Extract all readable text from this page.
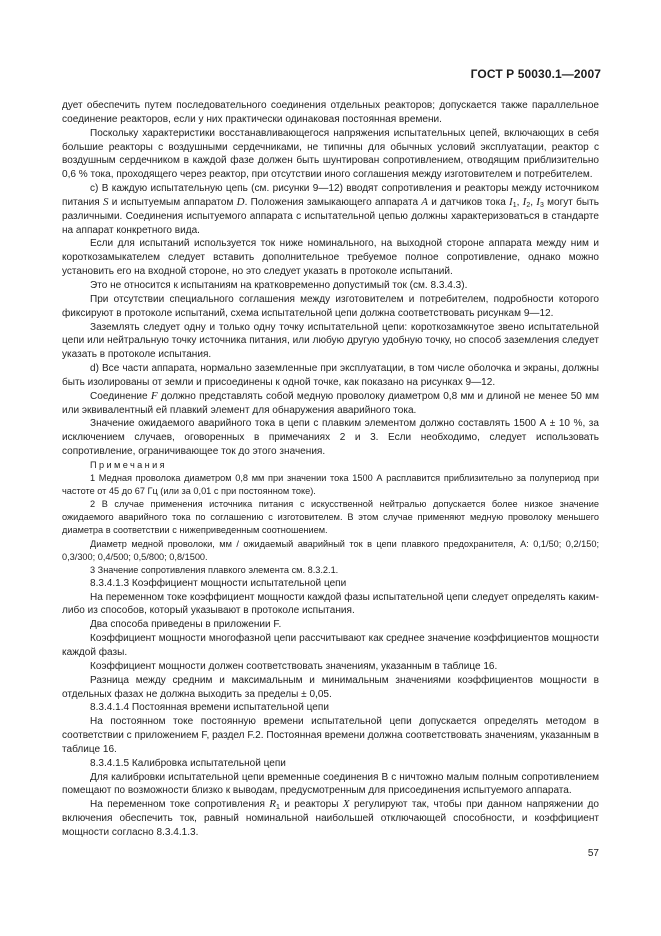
ГОСТ Р 50030.1—2007

дует обеспечить путем последовательного соединения отдельных реакторов; допускается также параллельное соединение реакторов, если у них практически одинаковая постоянная времени.

Поскольку характеристики восстанавливающегося напряжения испытательных цепей, включающих в себя большие реакторы с воздушными сердечниками, не типичны для обычных условий эксплуатации, реактор с воздушным сердечником в каждой фазе должен быть шунтирован сопротивлением, отводящим приблизительно 0,6 % тока, проходящего через реактор, при отсутствии иного соглашения между изготовителем и потребителем.

с) В каждую испытательную цепь (см. рисунки 9—12) вводят сопротивления и реакторы между источником питания S и испытуемым аппаратом D. Положения замыкающего аппарата A и датчиков тока $I_1$, $I_2$, $I_3$ могут быть различными. Соединения испытуемого аппарата с испытательной цепью должны характеризоваться в стандарте на аппарат конкретного вида.

Если для испытаний используется ток ниже номинального, на выходной стороне аппарата между ним и короткозамыкателем следует вставить дополнительное требуемое полное сопротивление, однако можно установить его на входной стороне, но это следует указать в протоколе испытаний.

Это не относится к испытаниям на кратковременно допустимый ток (см. 8.3.4.3).

При отсутствии специального соглашения между изготовителем и потребителем, подробности которого фиксируют в протоколе испытаний, схема испытательной цепи должна соответствовать рисункам 9—12.

Заземлять следует одну и только одну точку испытательной цепи: короткозамкнутое звено испытательной цепи или нейтральную точку источника питания, или любую другую удобную точку, но способ заземления следует указать в протоколе испытания.

d) Все части аппарата, нормально заземленные при эксплуатации, в том числе оболочка и экраны, должны быть изолированы от земли и присоединены к одной точке, как показано на рисунках 9—12.

Соединение F должно представлять собой медную проволоку диаметром 0,8 мм и длиной не менее 50 мм или эквивалентный ей плавкий элемент для обнаружения аварийного тока.

Значение ожидаемого аварийного тока в цепи с плавким элементом должно составлять 1500 А ± 10 %, за исключением случаев, оговоренных в примечаниях 2 и 3. Если необходимо, следует использовать сопротивление, ограничивающее ток до этого значения.

Примечания

1 Медная проволока диаметром 0,8 мм при значении тока 1500 А расплавится приблизительно за полупериод при частоте от 45 до 67 Гц (или за 0,01 с при постоянном токе).

2 В случае применения источника питания с искусственной нейтралью допускается более низкое значение ожидаемого аварийного тока по соглашению с изготовителем. В этом случае применяют медную проволоку меньшего диаметра в соответствии с нижеприведенным соотношением.

Диаметр медной проволоки, мм / ожидаемый аварийный ток в цепи плавкого предохранителя, А: 0,1/50; 0,2/150; 0,3/300; 0,4/500; 0,5/800; 0,8/1500.

3 Значение сопротивления плавкого элемента см. 8.3.2.1.

8.3.4.1.3 Коэффициент мощности испытательной цепи

На переменном токе коэффициент мощности каждой фазы испытательной цепи следует определять каким-либо из способов, который указывают в протоколе испытания.

Два способа приведены в приложении F.

Коэффициент мощности многофазной цепи рассчитывают как среднее значение коэффициентов мощности каждой фазы.

Коэффициент мощности должен соответствовать значениям, указанным в таблице 16.

Разница между средним и максимальным и минимальным значениями коэффициентов мощности в отдельных фазах не должна выходить за пределы ± 0,05.

8.3.4.1.4 Постоянная времени испытательной цепи

На постоянном токе постоянную времени испытательной цепи допускается определять методом в соответствии с приложением F, раздел F.2. Постоянная времени должна соответствовать значениям, указанным в таблице 16.

8.3.4.1.5 Калибровка испытательной цепи

Для калибровки испытательной цепи временные соединения В с ничтожно малым полным сопротивлением помещают по возможности близко к выводам, предусмотренным для присоединения испытуемого аппарата.

На переменном токе сопротивления $R_1$ и реакторы X регулируют так, чтобы при данном напряжении до включения обеспечить ток, равный номинальной наибольшей отключающей способности, и коэффициент мощности согласно 8.3.4.1.3.

57
